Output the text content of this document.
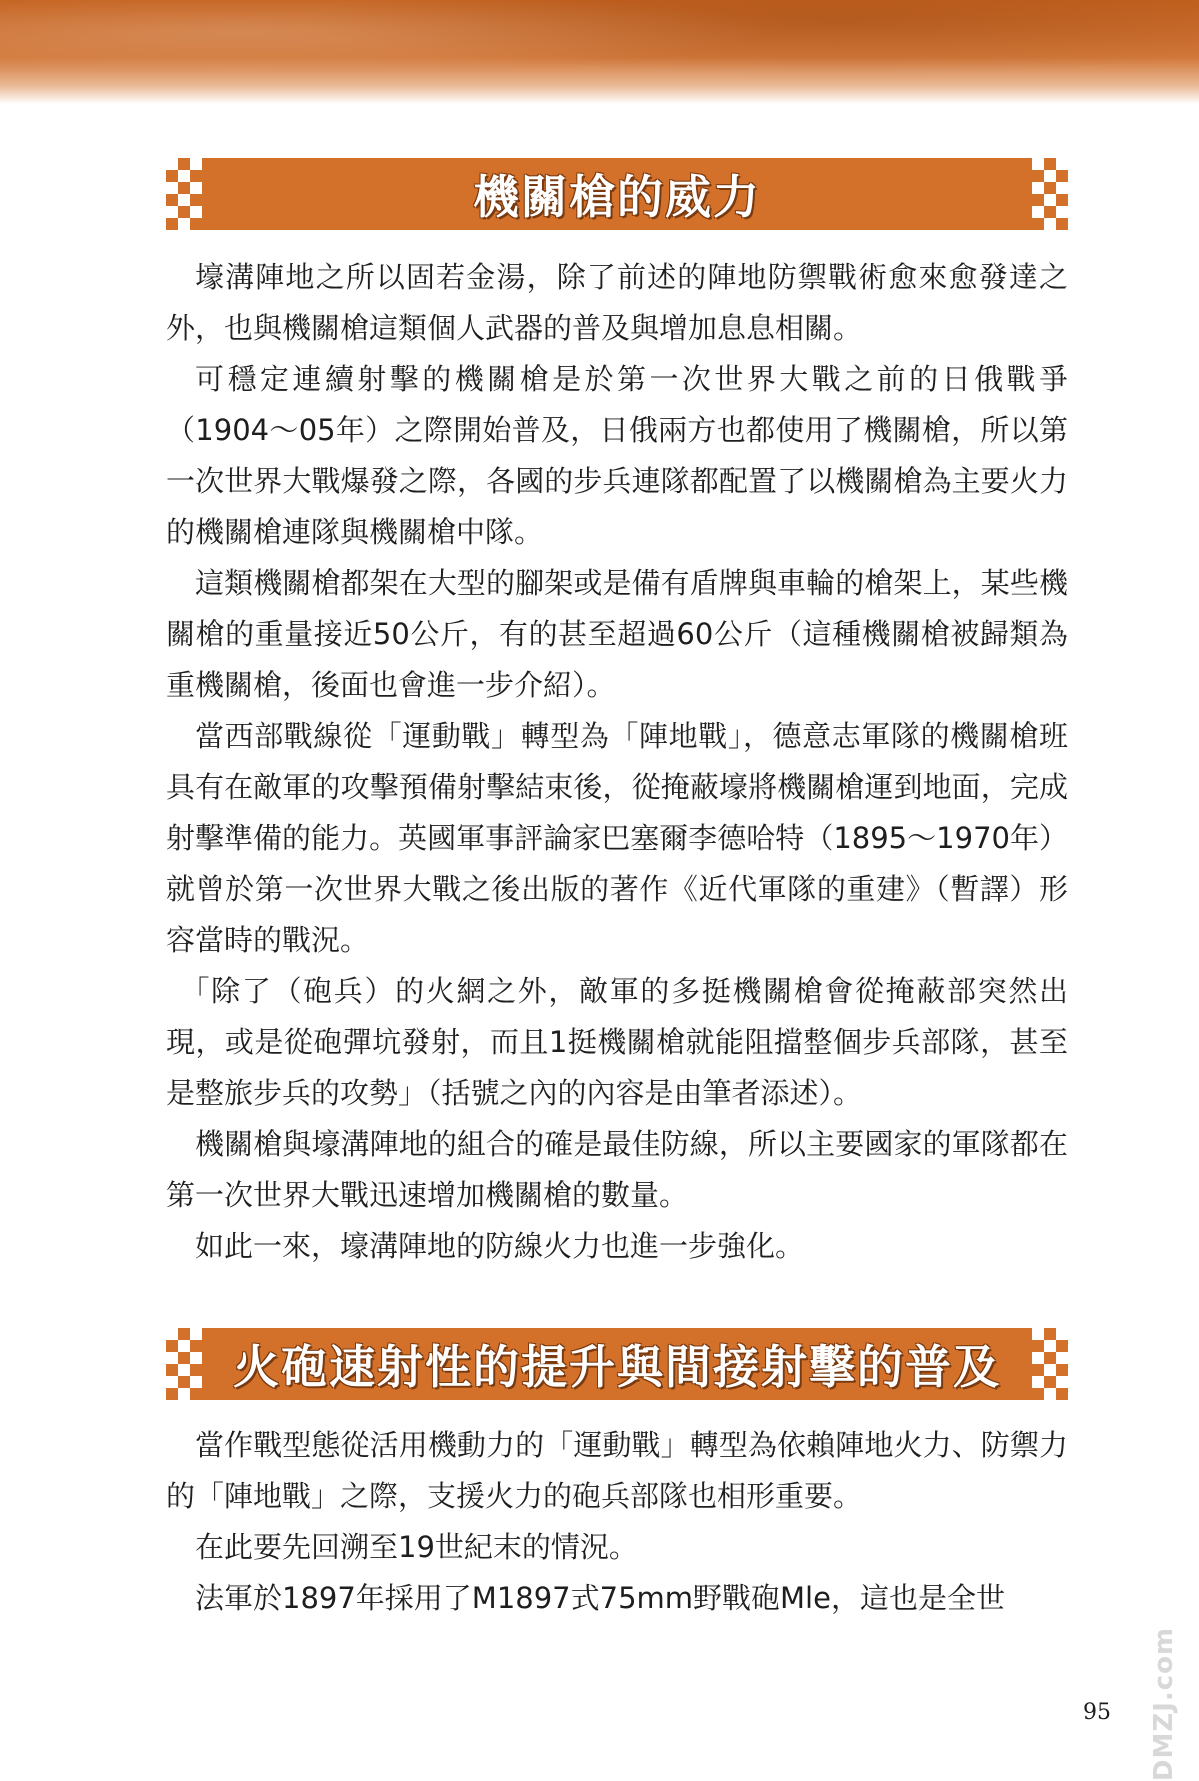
機關槍的威力

壕溝陣地之所以固若金湯，除了前述的陣地防禦戰術愈來愈發達之外，也與機關槍這類個人武器的普及與增加息息相關。

可穩定連續射擊的機關槍是於第一次世界大戰之前的日俄戰爭（1904～05年）之際開始普及，日俄兩方也都使用了機關槍，所以第一次世界大戰爆發之際，各國的步兵連隊都配置了以機關槍為主要火力的機關槍連隊與機關槍中隊。

這類機關槍都架在大型的腳架或是備有盾牌與車輪的槍架上，某些機關槍的重量接近50公斤，有的甚至超過60公斤（這種機關槍被歸類為重機關槍，後面也會進一步介紹）。

當西部戰線從「運動戰」轉型為「陣地戰」，德意志軍隊的機關槍班具有在敵軍的攻擊預備射擊結束後，從掩蔽壕將機關槍運到地面，完成射擊準備的能力。英國軍事評論家巴塞爾李德哈特（1895～1970年）就曾於第一次世界大戰之後出版的著作《近代軍隊的重建》（暫譯）形容當時的戰況。

「除了（砲兵）的火網之外，敵軍的多挺機關槍會從掩蔽部突然出現，或是從砲彈坑發射，而且1挺機關槍就能阻擋整個步兵部隊，甚至是整旅步兵的攻勢」（括號之內的內容是由筆者添述）。

機關槍與壕溝陣地的組合的確是最佳防線，所以主要國家的軍隊都在第一次世界大戰迅速增加機關槍的數量。

如此一來，壕溝陣地的防線火力也進一步強化。

火砲速射性的提升與間接射擊的普及

當作戰型態從活用機動力的「運動戰」轉型為依賴陣地火力、防禦力的「陣地戰」之際，支援火力的砲兵部隊也相形重要。

在此要先回溯至19世紀末的情況。

法軍於1897年採用了M1897式75mm野戰砲Mle，這也是全世

95	DMZJ.com
